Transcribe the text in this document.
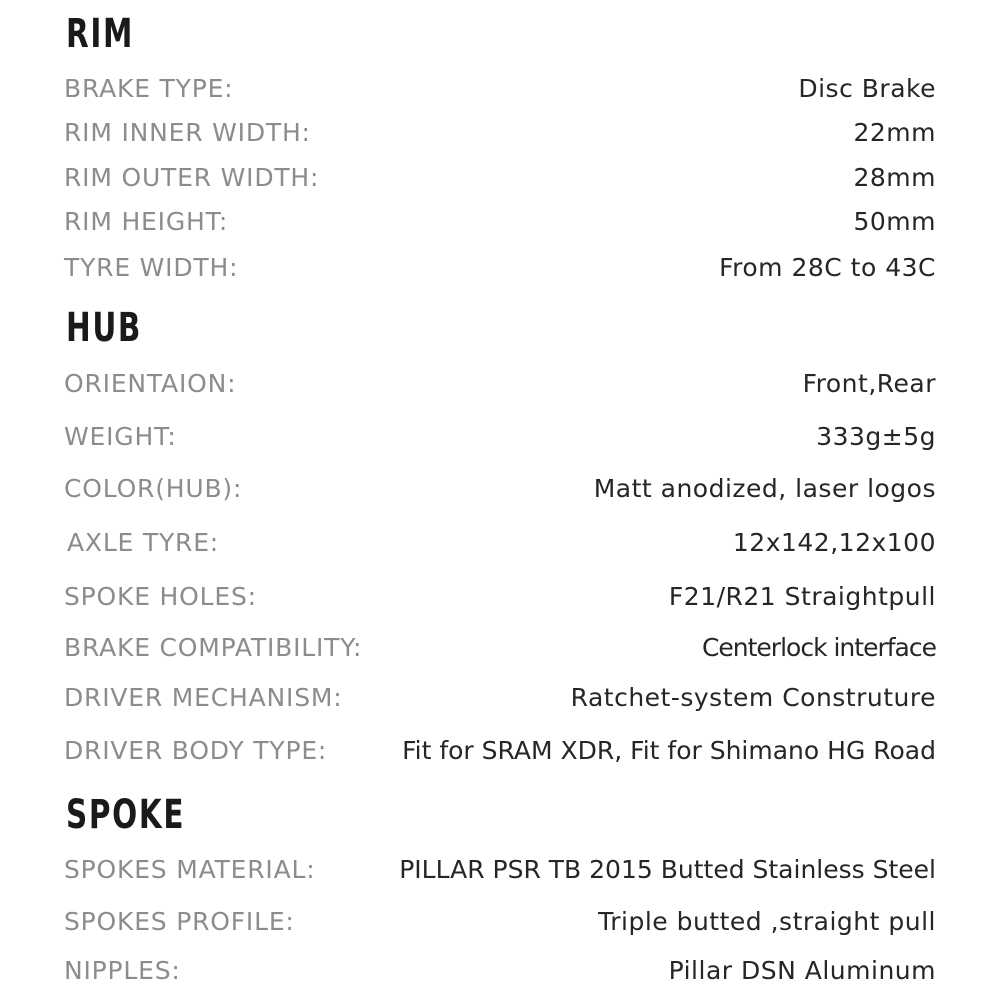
RIM
BRAKE TYPE:	Disc Brake
RIM INNER WIDTH:	22mm
RIM OUTER WIDTH:	28mm
RIM HEIGHT:	50mm
TYRE WIDTH:	From 28C to 43C
HUB
ORIENTAION:	Front,Rear
WEIGHT:	333g±5g
COLOR(HUB):	Matt anodized, laser logos
AXLE TYRE:	12x142,12x100
SPOKE HOLES:	F21/R21 Straightpull
BRAKE COMPATIBILITY:	Centerlock interface
DRIVER MECHANISM:	Ratchet-system Construture
DRIVER BODY TYPE:	Fit for SRAM XDR, Fit for Shimano HG Road
SPOKE
SPOKES MATERIAL:	PILLAR PSR TB 2015 Butted Stainless Steel
SPOKES PROFILE:	Triple butted ,straight pull
NIPPLES:	Pillar DSN Aluminum
